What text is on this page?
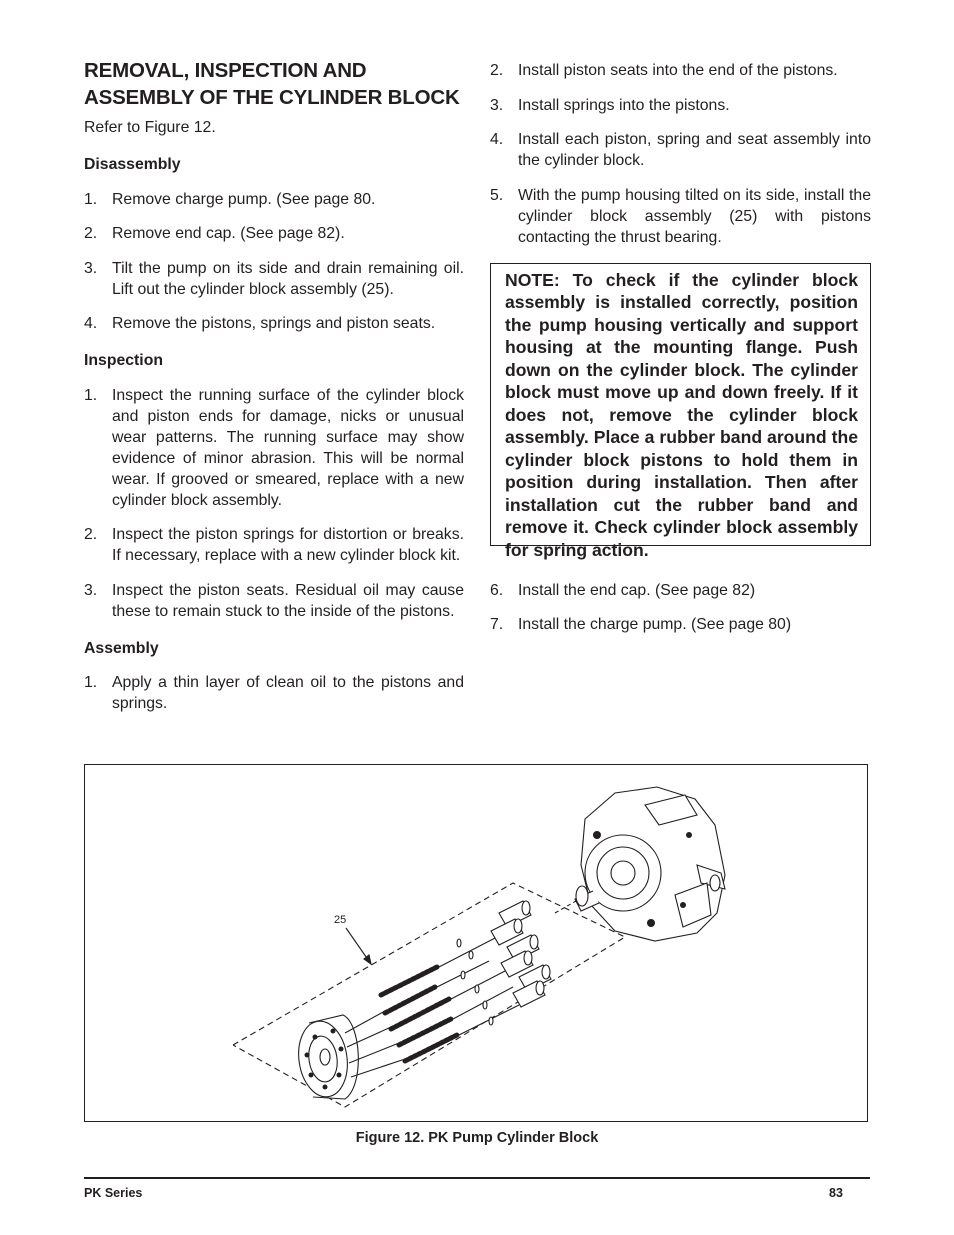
REMOVAL, INSPECTION AND ASSEMBLY OF THE CYLINDER BLOCK

Refer to Figure 12.

Disassembly
1. Remove charge pump. (See page 80.
2. Remove end cap. (See page 82).
3. Tilt the pump on its side and drain remaining oil. Lift out the cylinder block assembly (25).
4. Remove the pistons, springs and piston seats.
Inspection
1. Inspect the running surface of the cylinder block and piston ends for damage, nicks or unusual wear patterns. The running surface may show evidence of minor abrasion. This will be normal wear. If grooved or smeared, replace with a new cylinder block assembly.
2. Inspect the piston springs for distortion or breaks. If necessary, replace with a new cylinder block kit.
3. Inspect the piston seats. Residual oil may cause these to remain stuck to the inside of the pistons.
Assembly
1. Apply a thin layer of clean oil to the pistons and springs.
2. Install piston seats into the end of the pistons.
3. Install springs into the pistons.
4. Install each piston, spring and seat assembly into the cylinder block.
5. With the pump housing tilted on its side, install the cylinder block assembly (25) with pistons contacting the thrust bearing.
NOTE: To check if the cylinder block assembly is installed correctly, position the pump housing vertically and support housing at the mounting flange. Push down on the cylinder block. The cylinder block must move up and down freely. If it does not, remove the cylinder block assembly. Place a rubber band around the cylinder block pistons to hold them in position during installation. Then after installation cut the rubber band and remove it. Check cylinder block assembly for spring action.
6. Install the end cap. (See page 82)
7. Install the charge pump. (See page 80)
25
Figure 12. PK Pump Cylinder Block
PK Series	83
